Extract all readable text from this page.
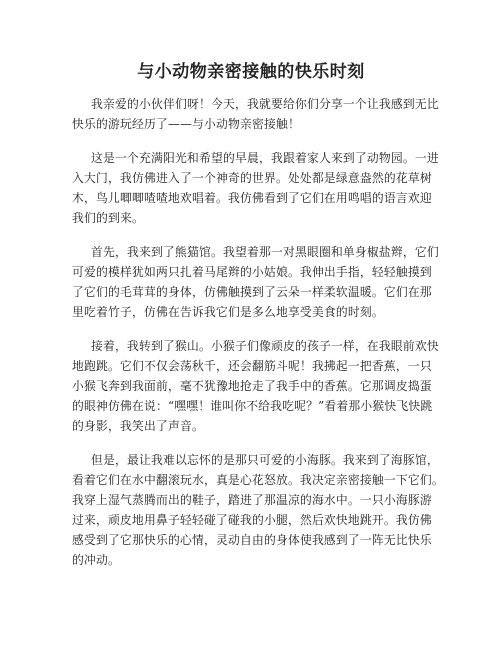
与小动物亲密接触的快乐时刻
我亲爱的小伙伴们呀！今天，我就要给你们分享一个让我感到无比
快乐的游玩经历了——与小动物亲密接触！
这是一个充满阳光和希望的早晨，我跟着家人来到了动物园。一进
入大门，我仿佛进入了一个神奇的世界。处处都是绿意盎然的花草树
木，鸟儿唧唧喳喳地欢唱着。我仿佛看到了它们在用鸣唱的语言欢迎
我们的到来。
首先，我来到了熊猫馆。我望着那一对黑眼圈和单身椒盐辫，它们
可爱的模样犹如两只扎着马尾辫的小姑娘。我伸出手指，轻轻触摸到
了它们的毛茸茸的身体，仿佛触摸到了云朵一样柔软温暖。它们在那
里吃着竹子，仿佛在告诉我它们是多么地享受美食的时刻。
接着，我转到了猴山。小猴子们像顽皮的孩子一样，在我眼前欢快
地跑跳。它们不仅会荡秋千，还会翻筋斗呢！我拂起一把香蕉，一只
小猴飞奔到我面前，毫不犹豫地抢走了我手中的香蕉。它那调皮捣蛋
的眼神仿佛在说：“嘿嘿！谁叫你不给我吃呢？”看着那小猴快飞快跳
的身影，我笑出了声音。
但是，最让我难以忘怀的是那只可爱的小海豚。我来到了海豚馆，
看着它们在水中翻滚玩水，真是心花怒放。我决定亲密接触一下它们。
我穿上湿气蒸腾而出的鞋子，踏进了那温凉的海水中。一只小海豚游
过来，顽皮地用鼻子轻轻碰了碰我的小腿，然后欢快地跳开。我仿佛
感受到了它那快乐的心情，灵动自由的身体使我感到了一阵无比快乐
的冲动。
